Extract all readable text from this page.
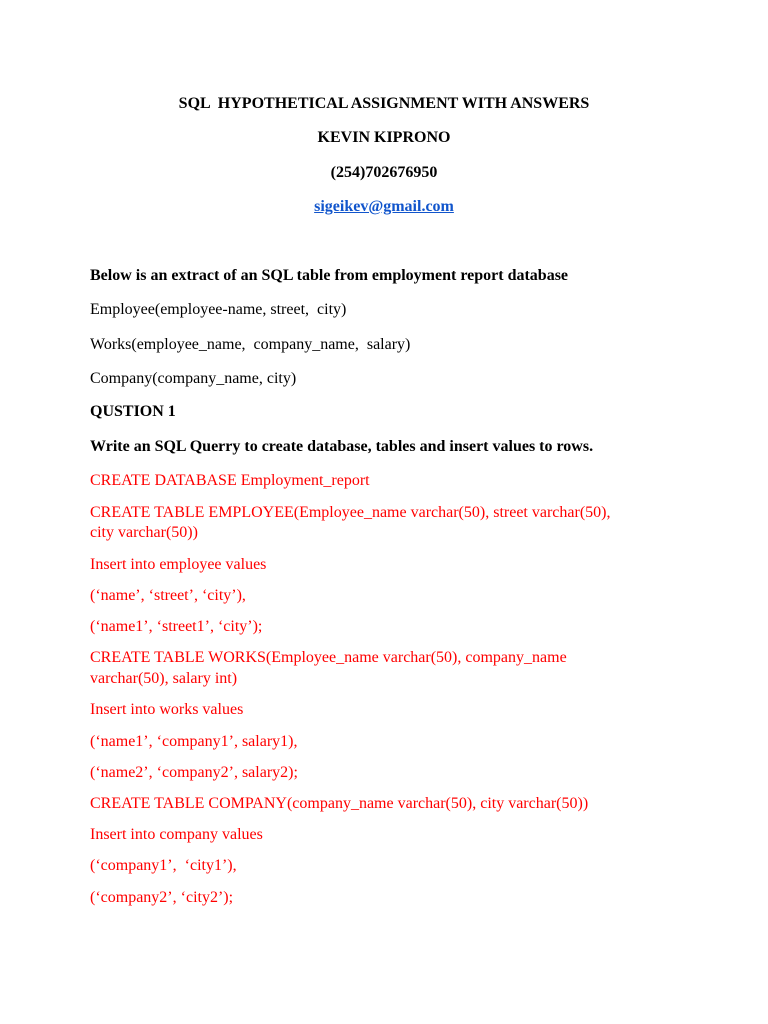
SQL  HYPOTHETICAL ASSIGNMENT WITH ANSWERS
KEVIN KIPRONO
(254)702676950
sigeikev@gmail.com
Below is an extract of an SQL table from employment report database
Employee(employee-name, street,  city)
Works(employee_name,  company_name,  salary)
Company(company_name, city)
QUSTION 1
Write an SQL Querry to create database, tables and insert values to rows.
CREATE DATABASE Employment_report
CREATE TABLE EMPLOYEE(Employee_name varchar(50), street varchar(50),
city varchar(50))
Insert into employee values
(‘name’, ‘street’, ‘city’),
(‘name1’, ‘street1’, ‘city’);
CREATE TABLE WORKS(Employee_name varchar(50), company_name
varchar(50), salary int)
Insert into works values
(‘name1’, ‘company1’, salary1),
(‘name2’, ‘company2’, salary2);
CREATE TABLE COMPANY(company_name varchar(50), city varchar(50))
Insert into company values
(‘company1’,  ‘city1’),
(‘company2’, ‘city2’);
